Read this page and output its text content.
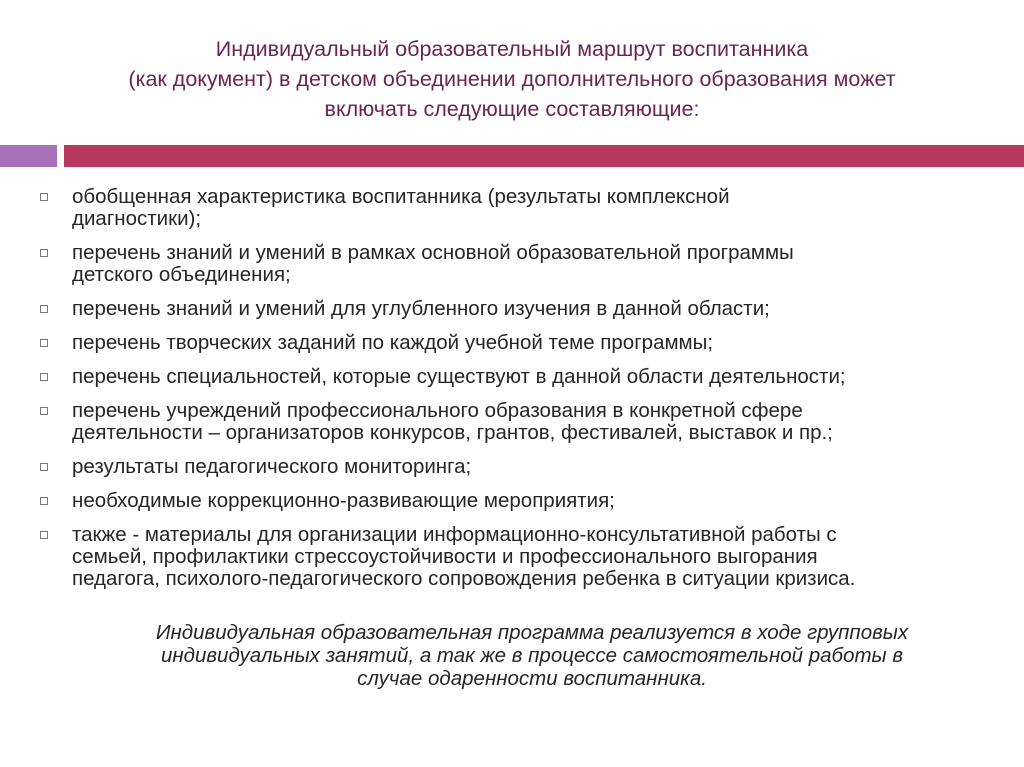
Индивидуальный образовательный маршрут воспитанника
(как документ) в детском объединении дополнительного образования может
включать следующие составляющие:
обобщенная характеристика воспитанника (результаты комплексной
диагностики);
перечень знаний и умений в рамках основной образовательной программы
детского объединения;
перечень знаний и умений для углубленного изучения в данной области;
перечень творческих заданий по каждой учебной теме программы;
перечень специальностей, которые существуют в данной области деятельности;
перечень учреждений профессионального образования в конкретной сфере
деятельности – организаторов конкурсов, грантов, фестивалей, выставок и пр.;
результаты педагогического мониторинга;
необходимые коррекционно-развивающие мероприятия;
также - материалы для организации информационно-консультативной работы с
семьей, профилактики стрессоустойчивости и профессионального выгорания
педагога, психолого-педагогического сопровождения ребенка в ситуации кризиса.
Индивидуальная образовательная программа реализуется в ходе групповых
индивидуальных занятий, а так же в процессе самостоятельной работы в
случае одаренности воспитанника.
